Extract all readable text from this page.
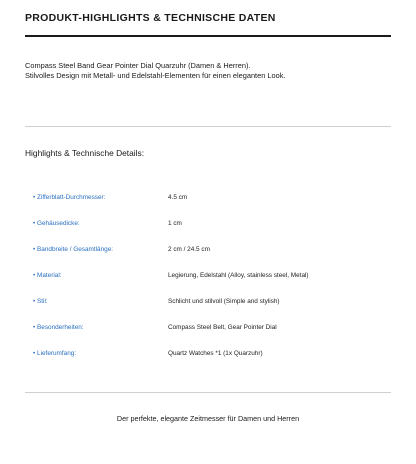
PRODUKT-HIGHLIGHTS & TECHNISCHE DATEN

Compass Steel Band Gear Pointer Dial Quarzuhr (Damen & Herren).

Stilvolles Design mit Metall- und Edelstahl-Elementen für einen eleganten Look.

Highlights & Technische Details:
• Zifferblatt-Durchmesser:	4.5 cm
• Gehäusedicke:	1 cm
• Bandbreite / Gesamtlänge:	2 cm / 24.5 cm
• Material:	Legierung, Edelstahl (Alloy, stainless steel, Metal)
• Stil:	Schlicht und stilvoll (Simple and stylish)
• Besonderheiten:	Compass Steel Belt, Gear Pointer Dial
• Lieferumfang:	Quartz Watches *1 (1x Quarzuhr)
Der perfekte, elegante Zeitmesser für Damen und Herren
